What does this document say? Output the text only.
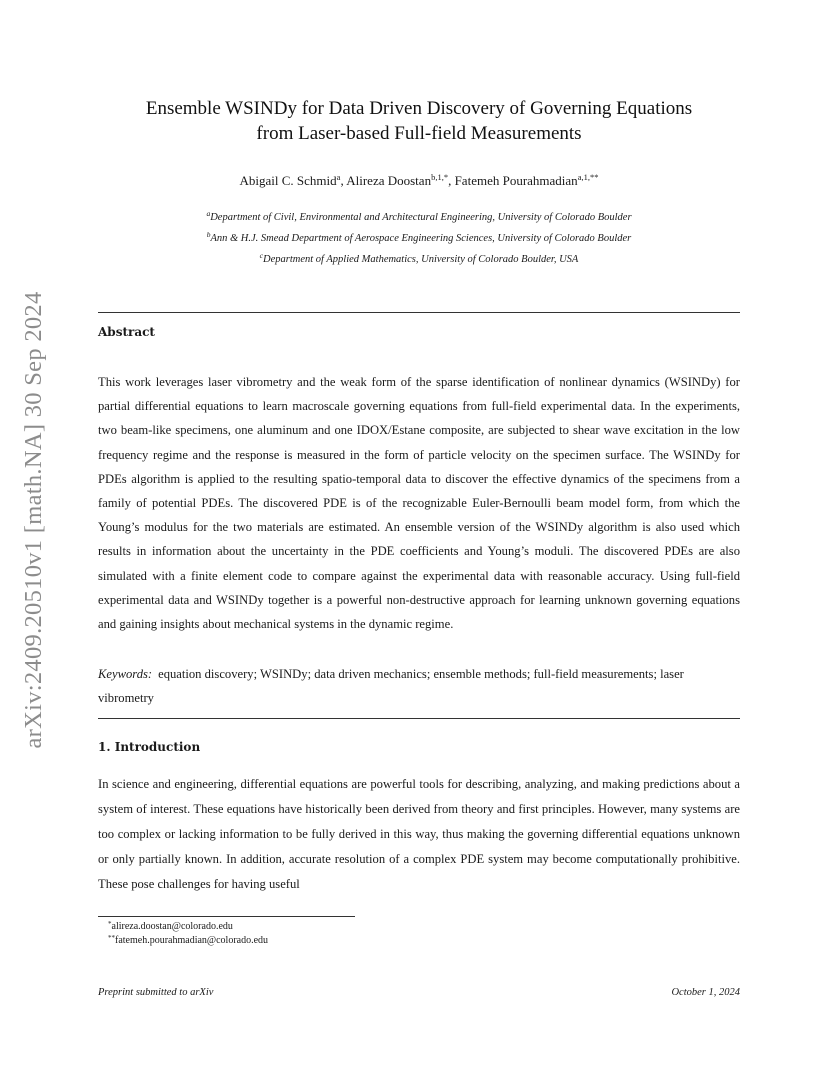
arXiv:2409.20510v1 [math.NA] 30 Sep 2024
Ensemble WSINDy for Data Driven Discovery of Governing Equations
from Laser-based Full-field Measurements
Abigail C. Schmid$^a$, Alireza Doostan$^{b,1,*}$, Fatemeh Pourahmadian$^{a,1,**}$
$^a$Department of Civil, Environmental and Architectural Engineering, University of Colorado Boulder
$^b$Ann & H.J. Smead Department of Aerospace Engineering Sciences, University of Colorado Boulder
$^c$Department of Applied Mathematics, University of Colorado Boulder, USA
Abstract
This work leverages laser vibrometry and the weak form of the sparse identification of nonlinear dynamics (WSINDy) for partial differential equations to learn macroscale governing equations from full-field experimental data. In the experiments, two beam-like specimens, one aluminum and one IDOX/Estane composite, are subjected to shear wave excitation in the low frequency regime and the response is measured in the form of particle velocity on the specimen surface. The WSINDy for PDEs algorithm is applied to the resulting spatio-temporal data to discover the effective dynamics of the specimens from a family of potential PDEs. The discovered PDE is of the recognizable Euler-Bernoulli beam model form, from which the Young’s modulus for the two materials are estimated. An ensemble version of the WSINDy algorithm is also used which results in information about the uncertainty in the PDE coefficients and Young’s moduli. The discovered PDEs are also simulated with a finite element code to compare against the experimental data with reasonable accuracy. Using full-field experimental data and WSINDy together is a powerful non-destructive approach for learning unknown governing equations and gaining insights about mechanical systems in the dynamic regime.
Keywords: equation discovery; WSINDy; data driven mechanics; ensemble methods; full-field measurements; laser vibrometry
1. Introduction
In science and engineering, differential equations are powerful tools for describing, analyzing, and making predictions about a system of interest. These equations have historically been derived from theory and first principles. However, many systems are too complex or lacking information to be fully derived in this way, thus making the governing differential equations unknown or only partially known. In addition, accurate resolution of a complex PDE system may become computationally prohibitive. These pose challenges for having useful
*alireza.doostan@colorado.edu
**fatemeh.pourahmadian@colorado.edu
Preprint submitted to arXiv	October 1, 2024
